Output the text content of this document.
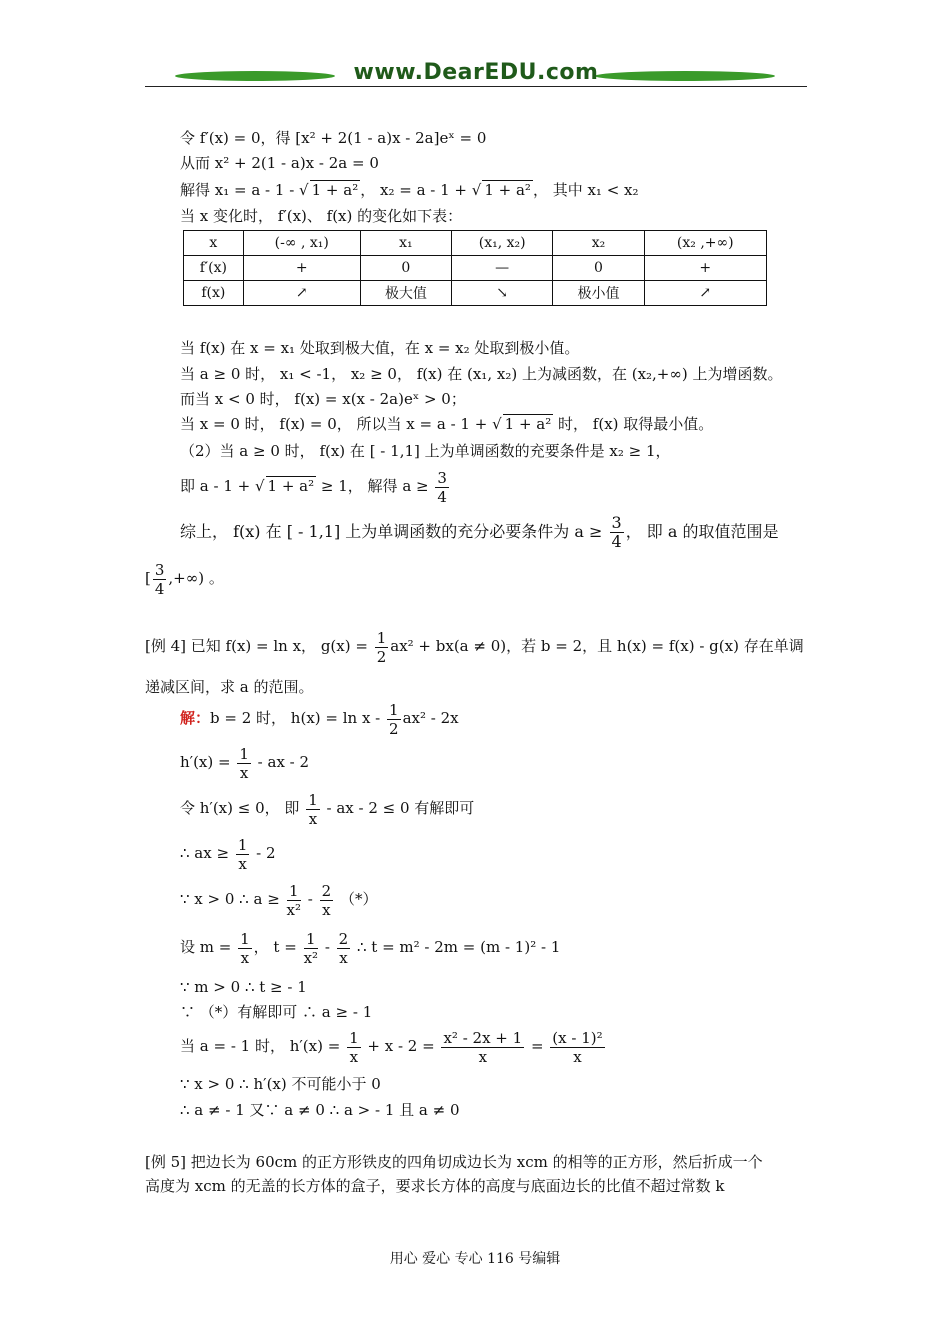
www.DearEDU.com
令 f′(x) = 0，得 [x² + 2(1 - a)x - 2a]eˣ = 0
从而 x² + 2(1 - a)x - 2a = 0
解得 x₁ = a - 1 - √ 1 + a² ， x₂ = a - 1 + √ 1 + a² ， 其中 x₁ < x₂
当 x 变化时， f′(x)、 f(x) 的变化如下表：
x	(-∞ , x₁)	x₁	(x₁, x₂)	x₂	(x₂ ,+∞)
f′(x)	+	0	—	0	+
f(x)	↗	极大值	↘	极小值	↗
当 f(x) 在 x = x₁ 处取到极大值，在 x = x₂ 处取到极小值。
当 a ≥ 0 时， x₁ < -1， x₂ ≥ 0， f(x) 在 (x₁, x₂) 上为减函数，在 (x₂,+∞) 上为增函数。
而当 x < 0 时， f(x) = x(x - 2a)eˣ > 0；
当 x = 0 时， f(x) = 0， 所以当 x = a - 1 + √ 1 + a² 时， f(x) 取得最小值。
（2）当 a ≥ 0 时， f(x) 在 [ - 1,1] 上为单调函数的充要条件是 x₂ ≥ 1，
即 a - 1 + √ 1 + a² ≥ 1， 解得 $a \ge \frac{3}{4}$
综上， f(x) 在 [ - 1,1] 上为单调函数的充分必要条件为 $a \ge \frac{3}{4}$ ， 即 a 的取值范围是
[ $\frac{3}{4}$ ,+∞) 。
[例 4] 已知 f(x) = ln x， $g(x) = \frac{1}{2} ax^2 + bx(a \ne 0)$，若 b = 2，且 h(x) = f(x) - g(x) 存在单调
递减区间，求 a 的范围。
解：b = 2 时， $h(x) = \ln x - \frac{1}{2} ax^2 - 2x$
$h'(x) = \frac{1}{x}$ - ax - 2
令 h′(x) ≤ 0， 即 $\frac{1}{x}$ - ax - 2 ≤ 0 有解即可
∴ ax ≥ $\frac{1}{x} - 2$
∵ x > 0 ∴ $a \ge \frac{1}{\text{x²}} - \frac{2}{x}$ （*）
设 $m = \frac{1}{x}$ ， $t = \frac{1}{\text{x²}} - \frac{2}{x}$ ∴ t = m² - 2m = (m - 1)² - 1
∵ m > 0 ∴ t ≥ - 1
∵ （*）有解即可 ∴ a ≥ - 1
当 a = - 1 时， $h'(x) = \frac{1}{x} + x - 2 = \frac{\text{x² - 2x + 1}}{x} = \frac{\text{(x - 1)²}}{x}$
∵ x > 0 ∴ h′(x) 不可能小于 0
∴ a ≠ - 1 又∵ a ≠ 0 ∴ a > - 1 且 a ≠ 0
[例 5] 把边长为 60cm 的正方形铁皮的四角切成边长为 xcm 的相等的正方形，然后折成一个
高度为 xcm 的无盖的长方体的盒子，要求长方体的高度与底面边长的比值不超过常数 k
用心 爱心 专心 116 号编辑
